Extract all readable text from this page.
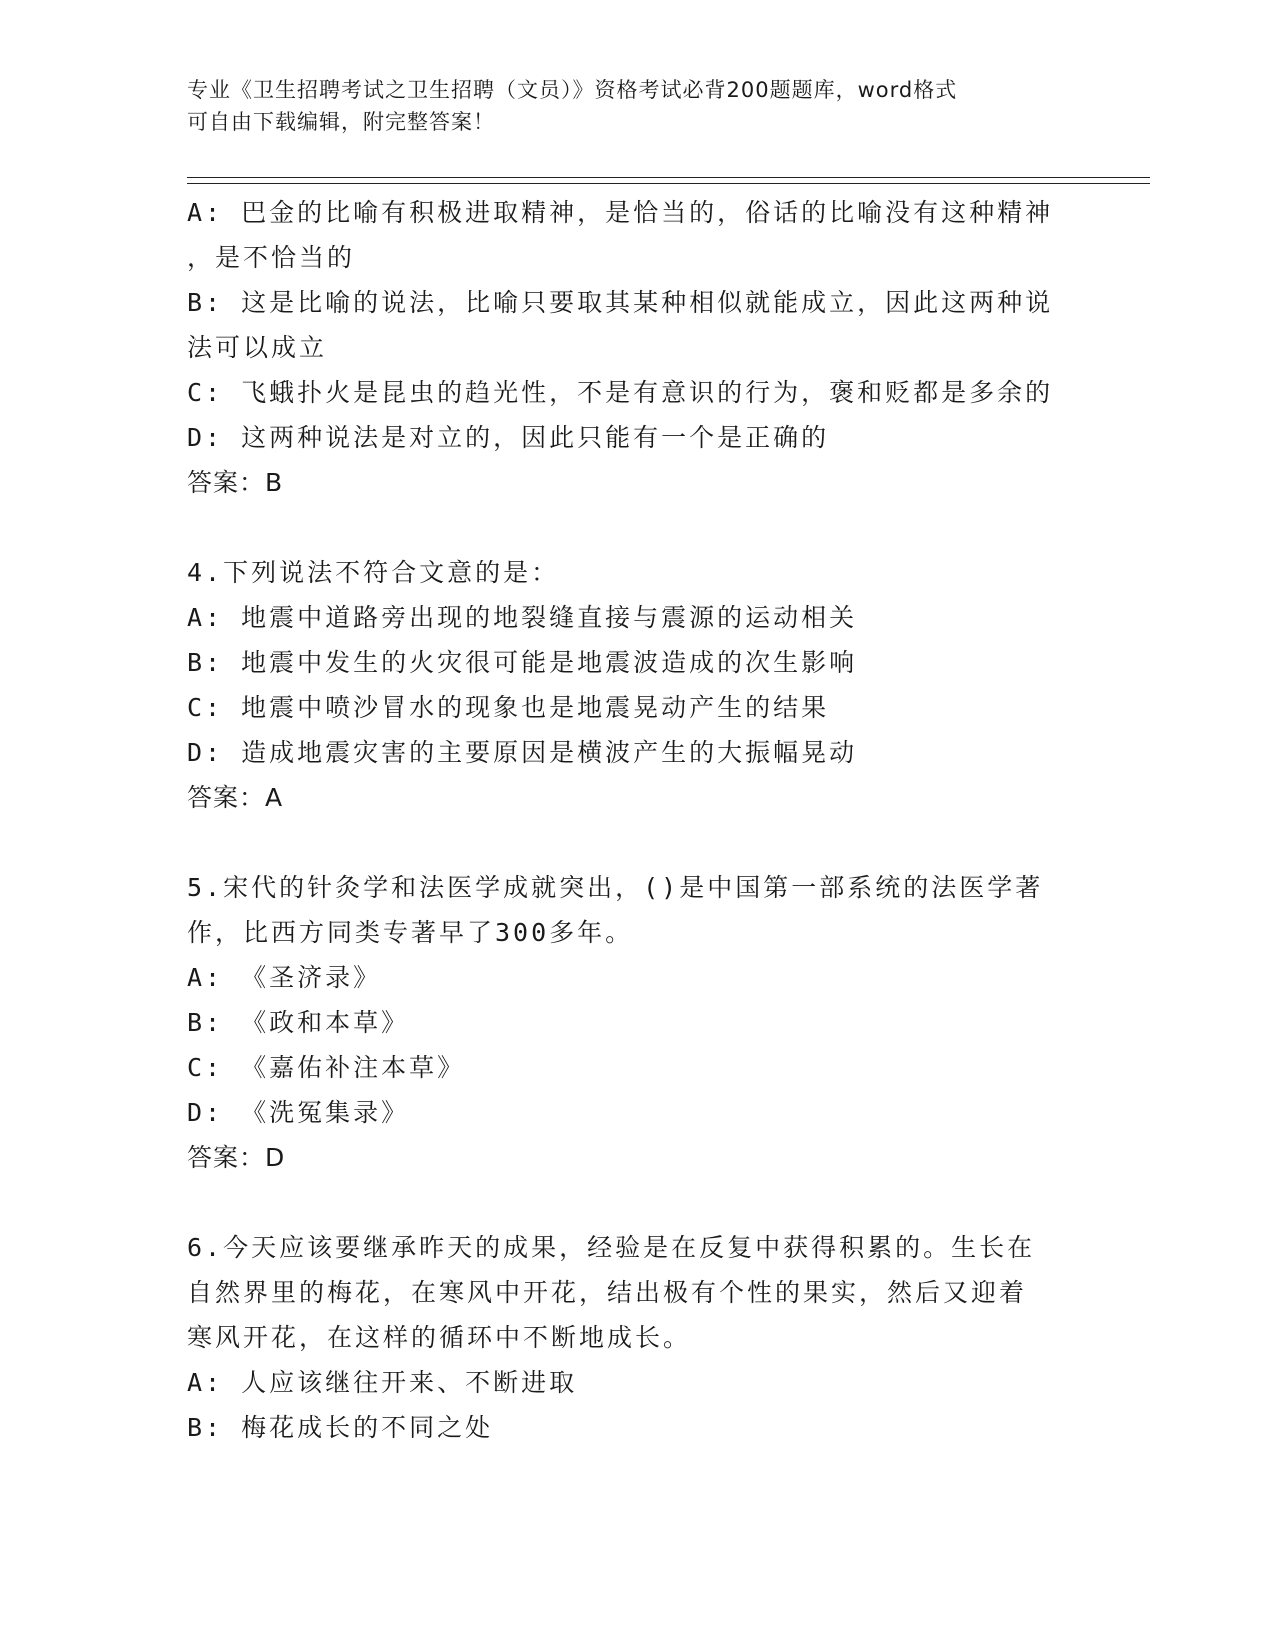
专业《卫生招聘考试之卫生招聘（文员）》资格考试必背200题题库，word格式
可自由下载编辑，附完整答案！
A: 巴金的比喻有积极进取精神，是恰当的，俗话的比喻没有这种精神
，是不恰当的
B: 这是比喻的说法，比喻只要取其某种相似就能成立，因此这两种说
法可以成立
C: 飞蛾扑火是昆虫的趋光性，不是有意识的行为，褒和贬都是多余的
D: 这两种说法是对立的，因此只能有一个是正确的
答案：B
4.下列说法不符合文意的是：
A: 地震中道路旁出现的地裂缝直接与震源的运动相关
B: 地震中发生的火灾很可能是地震波造成的次生影响
C: 地震中喷沙冒水的现象也是地震晃动产生的结果
D: 造成地震灾害的主要原因是横波产生的大振幅晃动
答案：A
5.宋代的针灸学和法医学成就突出，()是中国第一部系统的法医学著
作，比西方同类专著早了300多年。
A: 《圣济录》
B: 《政和本草》
C: 《嘉佑补注本草》
D: 《洗冤集录》
答案：D
6.今天应该要继承昨天的成果，经验是在反复中获得积累的。生长在
自然界里的梅花，在寒风中开花，结出极有个性的果实，然后又迎着
寒风开花，在这样的循环中不断地成长。
A: 人应该继往开来、不断进取
B: 梅花成长的不同之处
